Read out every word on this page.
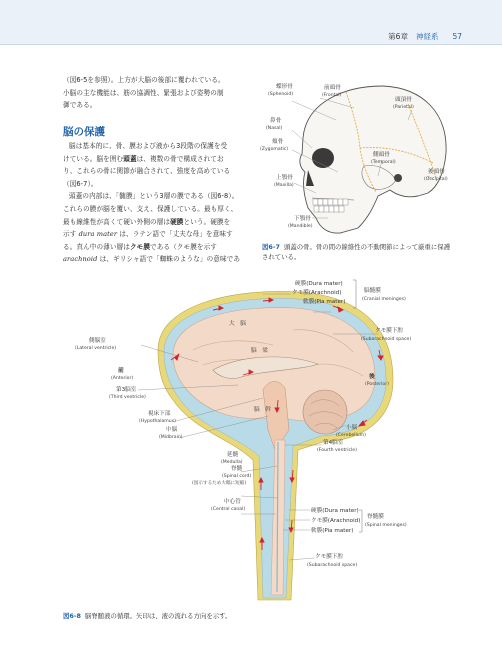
第6章 神経系 57

（図6-5を参照）。上方が大脳の後部に覆われている。

小脳の主な機能は、筋の協調性、緊張および姿勢の制

御である。

脳の保護

脳は基本的に、骨、膜および液から3段階の保護を受

けている。脳を囲む頭蓋は、複数の骨で構成されてお

り、これらの骨に関節が融合されて、強度を高めている

（図6-7）。

頭蓋の内部は、「髄膜」という3層の膜である（図6-8）。

これらの膜が脳を覆い、支え、保護している。最も厚く、

最も線維性が高くて硬い外側の層は硬膜という。硬膜を

示す dura mater は、ラテン語で「丈夫な母」を意味す

る。真ん中の薄い層はクモ膜である（クモ膜を示す

arachnoid は、ギリシャ語で「蜘蛛のような」の意味であ

蝶形骨
(Sphenoid)
前頭骨
(Frontal)
頭頂骨
(Parietal)
鼻骨
(Nasal)
頬骨
(Zygomatic)
側頭骨
(Temporal)
上顎骨
(Maxilla)
後頭骨
(Occipital)
下顎骨
(Mandible)
図6-7 頭蓋の骨。骨の間の線維性の不動関節によって厳重に保護されている。
硬膜(Dura mater)
クモ膜(Arachnoid)
軟膜(Pia mater)
脳髄膜
(Cranial meninges)
クモ膜下腔
(Subarachnoid space)
大　脳
側脳室
(Lateral ventricle)	脳　梁
前
(Anterior)
第3脳室
(Third ventricle)
後
(Posterior)
視床下部
(Hypothalamus)
脳　幹
中脳
(Midbrain)
小脳
(Cerebellum)
延髄
(Medulla)
第4脳室
(Fourth ventricle)
脊髄
(Spinal cord)
(図示するため大幅に短縮)
中心管
(Central canal)	硬膜(Dura mater)
クモ膜(Arachnoid)
軟膜(Pia mater)
脊髄膜
(Spinal meninges)
クモ膜下腔
(Subarachnoid space)
図6-8 脳脊髄液の循環。矢印は、液の流れる方向を示す。
